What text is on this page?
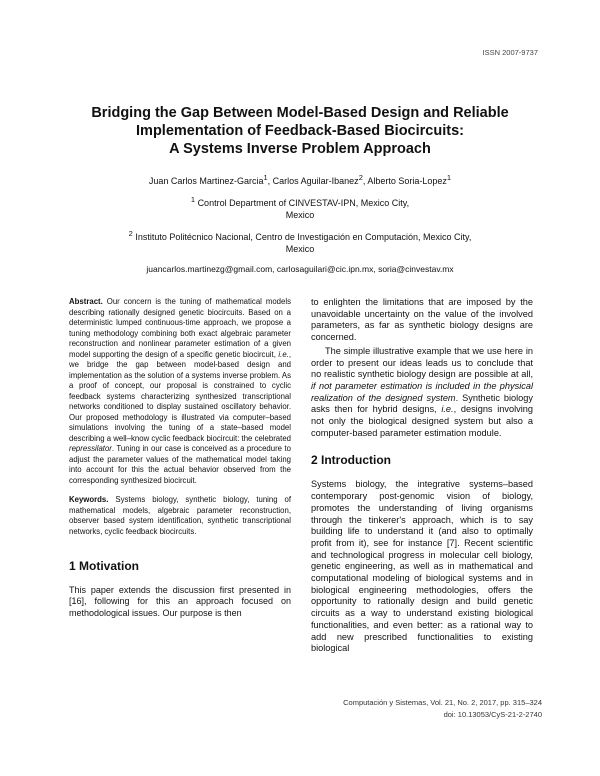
ISSN 2007-9737
Bridging the Gap Between Model-Based Design and Reliable
Implementation of Feedback-Based Biocircuits:
A Systems Inverse Problem Approach
Juan Carlos Martinez-Garcia$^1$, Carlos Aguilar-Ibanez$^2$, Alberto Soria-Lopez$^1$
$^1$ Control Department of CINVESTAV-IPN, Mexico City,
Mexico
$^2$ Instituto Politécnico Nacional, Centro de Investigación en Computación, Mexico City,
Mexico
juancarlos.martinezg@gmail.com, carlosaguilari@cic.ipn.mx, soria@cinvestav.mx

Abstract. Our concern is the tuning of mathematical models describing rationally designed genetic biocircuits. Based on a deterministic lumped continuous-time approach, we propose a tuning methodology combining both exact algebraic parameter reconstruction and nonlinear parameter estimation of a given model supporting the design of a specific genetic biocircuit, i.e., we bridge the gap between model-based design and implementation as the solution of a systems inverse problem. As a proof of concept, our proposal is constrained to cyclic feedback systems characterizing synthesized transcriptional networks conditioned to display sustained oscillatory behavior. Our proposed methodology is illustrated via computer–based simulations involving the tuning of a state–based model describing a well–know cyclic feedback biocircuit: the celebrated repressilator. Tuning in our case is conceived as a procedure to adjust the parameter values of the mathematical model taking into account for this the actual behavior observed from the corresponding synthesized biocircuit.

Keywords. Systems biology, synthetic biology, tuning of mathematical models, algebraic parameter reconstruction, observer based system identification, synthetic transcriptional networks, cyclic feedback biocircuits.

1 Motivation

This paper extends the discussion first presented in [16], following for this an approach focused on methodological issues. Our purpose is then

to enlighten the limitations that are imposed by the unavoidable uncertainty on the value of the involved parameters, as far as synthetic biology designs are concerned.

The simple illustrative example that we use here in order to present our ideas leads us to conclude that no realistic synthetic biology design are possible at all, if not parameter estimation is included in the physical realization of the designed system. Synthetic biology asks then for hybrid designs, i.e., designs involving not only the biological designed system but also a computer-based parameter estimation module.

2 Introduction

Systems biology, the integrative systems–based contemporary post-genomic vision of biology, promotes the understanding of living organisms through the tinkerer's approach, which is to say building life to understand it (and also to optimally profit from it), see for instance [7]. Recent scientific and technological progress in molecular cell biology, genetic engineering, as well as in mathematical and computational modeling of biological systems and in biological engineering methodologies, offers the opportunity to rationally design and build genetic circuits as a way to understand existing biological functionalities, and even better: as a rational way to add new prescribed functionalities to existing biological

Computación y Sistemas, Vol. 21, No. 2, 2017, pp. 315–324
doi: 10.13053/CyS-21-2-2740
